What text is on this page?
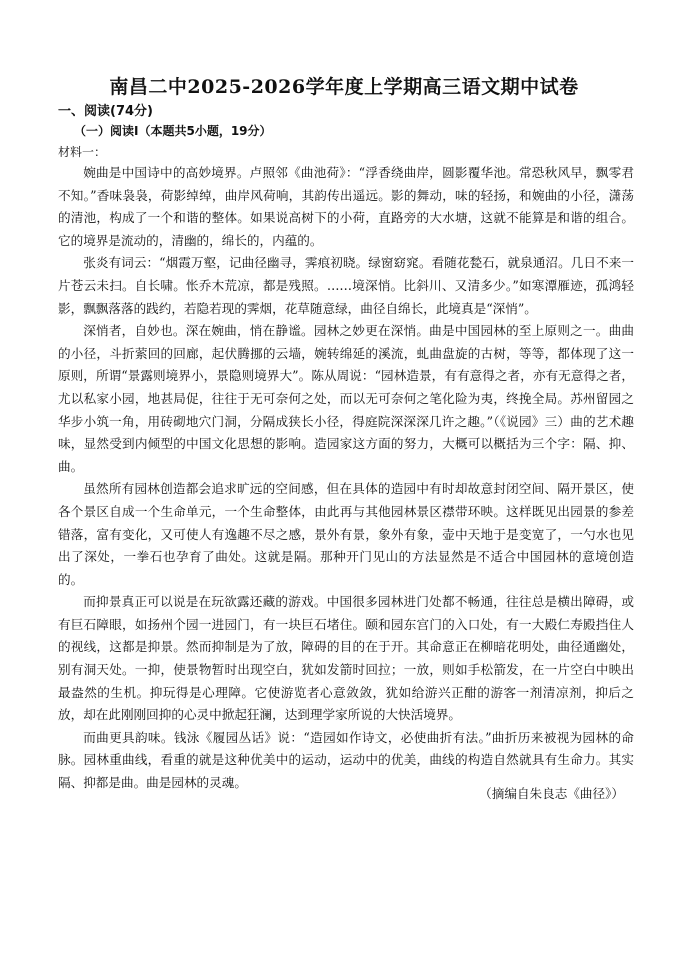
南昌二中2025-2026学年度上学期高三语文期中试卷
一、阅读(74分)
（一）阅读Ⅰ（本题共5小题，19分）
材料一：

婉曲是中国诗中的高妙境界。卢照邻《曲池荷》：“浮香绕曲岸，圆影覆华池。常恐秋风早，飘零君不知。”香味袅袅，荷影绰绰，曲岸风荷响，其韵传出遥远。影的舞动，味的轻扬，和婉曲的小径，潇荡的清池，构成了一个和谐的整体。如果说高树下的小荷，直路旁的大水塘，这就不能算是和谐的组合。它的境界是流动的，清幽的，绵长的，内蕴的。

张炎有词云：“烟霞万壑，记曲径幽寻，霁痕初晓。绿窗窈窕。看随花甃石，就泉通沼。几日不来一片苍云未扫。自长啸。怅乔木荒凉，都是残照。……境深悄。比斜川、又清多少。”如寒潭雁迹，孤鸿轻影，飘飘落落的践约，若隐若现的霁烟，花草随意绿，曲径自绵长，此境真是“深悄”。

深悄者，自妙也。深在婉曲，悄在静谧。园林之妙更在深悄。曲是中国园林的至上原则之一。曲曲的小径，斗折萦回的回廊，起伏腾挪的云墙，婉转绵延的溪流，虬曲盘旋的古树，等等，都体现了这一原则，所谓“景露则境界小，景隐则境界大”。陈从周说：“园林造景，有有意得之者，亦有无意得之者，尤以私家小园，地甚局促，往往于无可奈何之处，而以无可奈何之笔化险为夷，终挽全局。苏州留园之华步小筑一角，用砖砌地穴门洞，分隔成狭长小径，得庭院深深深几许之趣。”（《说园》三）曲的艺术趣味，显然受到内倾型的中国文化思想的影响。造园家这方面的努力，大概可以概括为三个字：隔、抑、曲。

虽然所有园林创造都会追求旷远的空间感，但在具体的造园中有时却故意封闭空间、隔开景区，使各个景区自成一个生命单元，一个生命整体，由此再与其他园林景区襟带环映。这样既见出园景的参差错落，富有变化，又可使人有逸趣不尽之感，景外有景，象外有象，壶中天地于是变宽了，一勺水也见出了深处，一拳石也孕育了曲处。这就是隔。那种开门见山的方法显然是不适合中国园林的意境创造的。

而抑景真正可以说是在玩欲露还藏的游戏。中国很多园林进门处都不畅通，往往总是横出障碍，或有巨石障眼，如扬州个园一进园门，有一块巨石堵住。颐和园东宫门的入口处，有一大殿仁寿殿挡住人的视线，这都是抑景。然而抑制是为了放，障碍的目的在于开。其命意正在柳暗花明处，曲径通幽处，别有洞天处。一抑，使景物暂时出现空白，犹如发箭时回拉；一放，则如手松箭发，在一片空白中映出最盎然的生机。抑玩得是心理障。它使游览者心意敛敛，犹如给游兴正酣的游客一剂清凉剂，抑后之放，却在此刚刚回抑的心灵中掀起狂澜，达到理学家所说的大快活境界。

而曲更具韵味。钱泳《履园丛话》说：“造园如作诗文，必使曲折有法。”曲折历来被视为园林的命脉。园林重曲线，看重的就是这种优美中的运动，运动中的优美，曲线的构造自然就具有生命力。其实隔、抑都是曲。曲是园林的灵魂。

（摘编自朱良志《曲径》）
